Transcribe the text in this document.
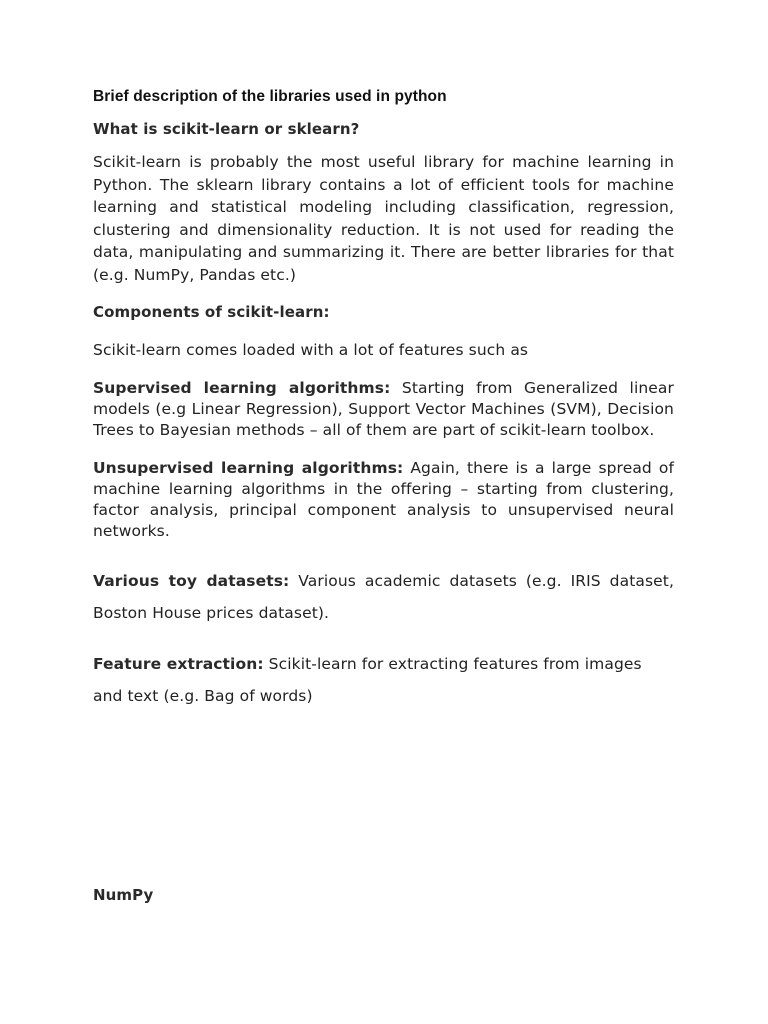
Brief description of the libraries used in python
What is scikit-learn or sklearn?
Scikit-learn is probably the most useful library for machine learning in Python. The sklearn library contains a lot of efficient tools for machine learning and statistical modeling including classification, regression, clustering and dimensionality reduction. It is not used for reading the data, manipulating and summarizing it. There are better libraries for that (e.g. NumPy, Pandas etc.)
Components of scikit-learn:
Scikit-learn comes loaded with a lot of features such as
Supervised learning algorithms: Starting from Generalized linear models (e.g Linear Regression), Support Vector Machines (SVM), Decision Trees to Bayesian methods – all of them are part of scikit-learn toolbox.
Unsupervised learning algorithms: Again, there is a large spread of machine learning algorithms in the offering – starting from clustering, factor analysis, principal component analysis to unsupervised neural networks.
Various toy datasets: Various academic datasets (e.g. IRIS dataset, Boston House prices dataset).
Feature extraction: Scikit-learn for extracting features from images and text (e.g. Bag of words)
NumPy
